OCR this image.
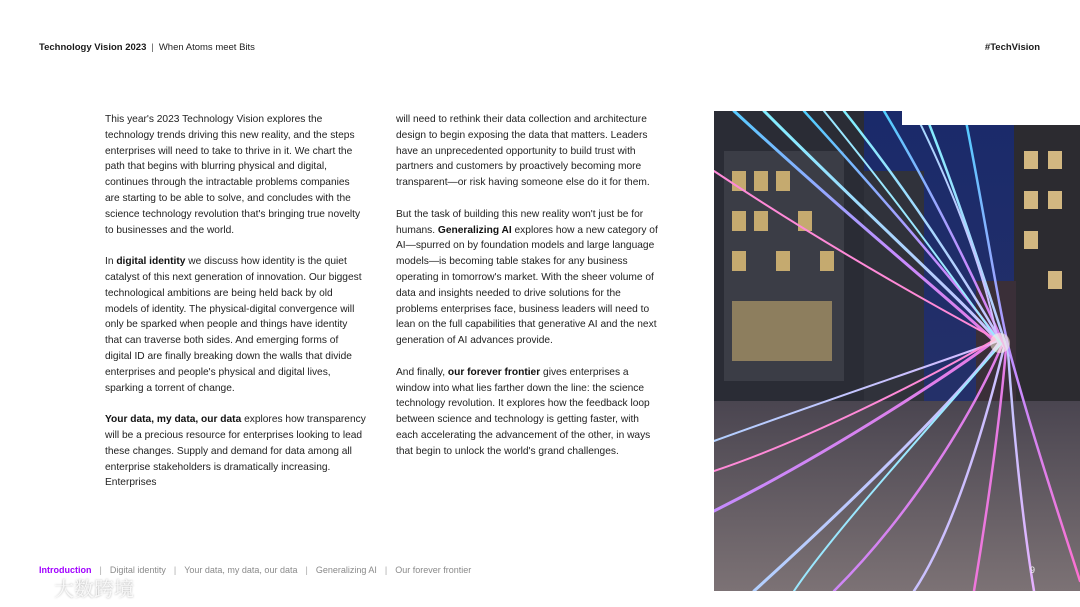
Technology Vision 2023 | When Atoms meet Bits	#TechVision

This year's 2023 Technology Vision explores the technology trends driving this new reality, and the steps enterprises will need to take to thrive in it. We chart the path that begins with blurring physical and digital, continues through the intractable problems companies are starting to be able to solve, and concludes with the science technology revolution that's bringing true novelty to businesses and the world.

In digital identity we discuss how identity is the quiet catalyst of this next generation of innovation. Our biggest technological ambitions are being held back by old models of identity. The physical-digital convergence will only be sparked when people and things have identity that can traverse both sides. And emerging forms of digital ID are finally breaking down the walls that divide enterprises and people's physical and digital lives, sparking a torrent of change.

Your data, my data, our data explores how transparency will be a precious resource for enterprises looking to lead these changes. Supply and demand for data among all enterprise stakeholders is dramatically increasing. Enterprises

will need to rethink their data collection and architecture design to begin exposing the data that matters. Leaders have an unprecedented opportunity to build trust with partners and customers by proactively becoming more transparent—or risk having someone else do it for them.

But the task of building this new reality won't just be for humans. Generalizing AI explores how a new category of AI—spurred on by foundation models and large language models—is becoming table stakes for any business operating in tomorrow's market. With the sheer volume of data and insights needed to drive solutions for the problems enterprises face, business leaders will need to lean on the full capabilities that generative AI and the next generation of AI advances provide.

And finally, our forever frontier gives enterprises a window into what lies farther down the line: the science technology revolution. It explores how the feedback loop between science and technology is getting faster, with each accelerating the advancement of the other, in ways that begin to unlock the world's grand challenges.

9
Introduction | Digital identity | Your data, my data, our data | Generalizing AI | Our forever frontier
大数跨境
